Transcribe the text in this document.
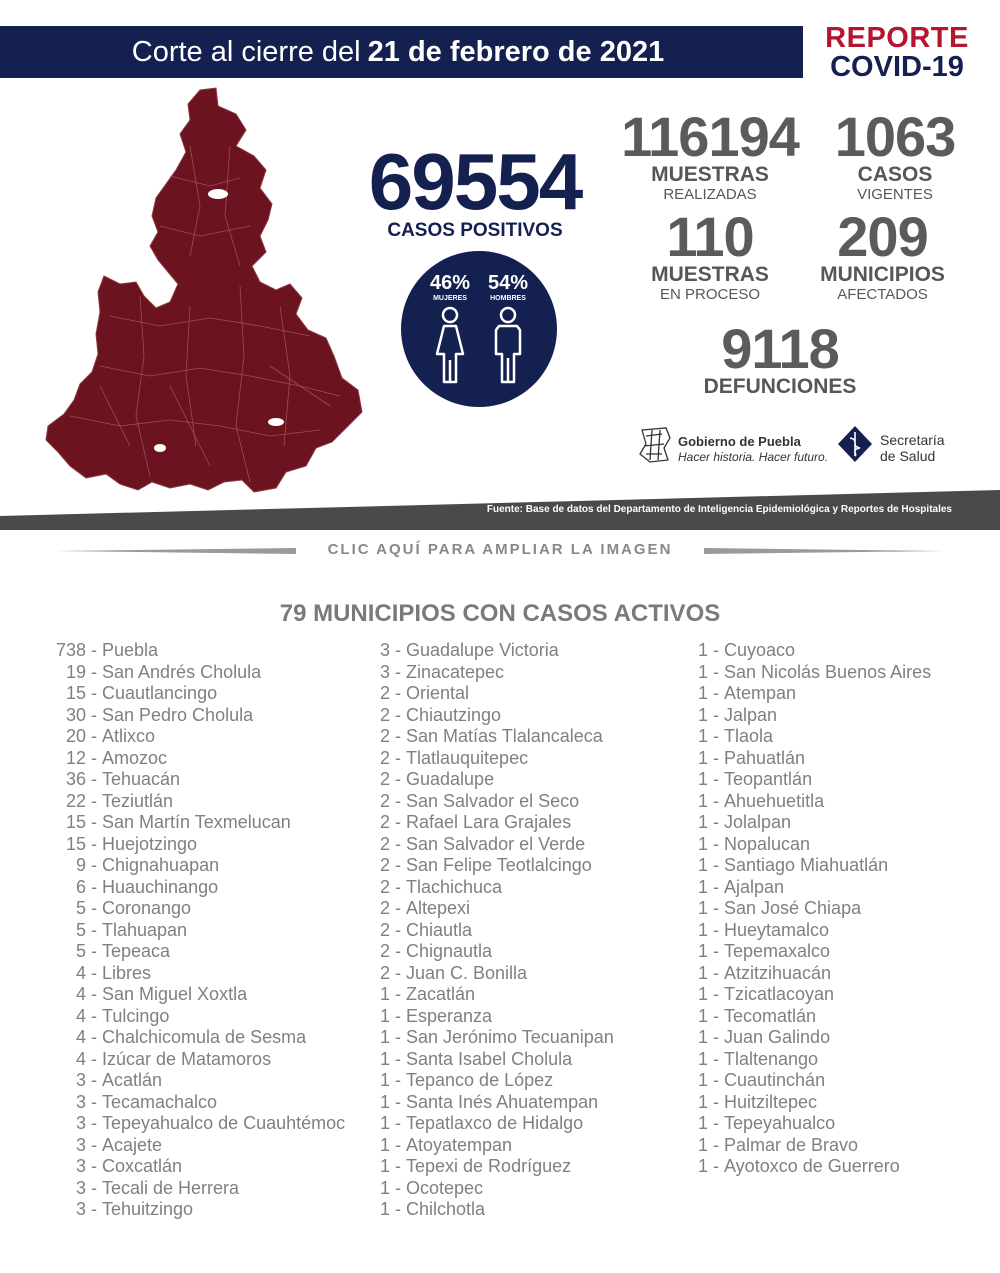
Corte al cierre del 21 de febrero de 2021	REPORTE
COVID-19
69554
CASOS POSITIVOS
46%
MUJERES
54%
HOMBRES
116194
MUESTRAS
REALIZADAS
1063
CASOS
VIGENTES
110
MUESTRAS
EN PROCESO
209
MUNICIPIOS
AFECTADOS
9118
DEFUNCIONES
Gobierno de Puebla
Hacer historia. Hacer futuro.
Secretaría
de Salud
Fuente: Base de datos del Departamento de Inteligencia Epidemiológica y Reportes de Hospitales
CLIC AQUÍ PARA AMPLIAR LA IMAGEN
79 MUNICIPIOS CON CASOS ACTIVOS
738 - Puebla
19 - San Andrés Cholula
15 - Cuautlancingo
30 - San Pedro Cholula
20 - Atlixco
12 - Amozoc
36 - Tehuacán
22 - Teziutlán
15 - San Martín Texmelucan
15 - Huejotzingo
9 - Chignahuapan
6 - Huauchinango
5 - Coronango
5 - Tlahuapan
5 - Tepeaca
4 - Libres
4 - San Miguel Xoxtla
4 - Tulcingo
4 - Chalchicomula de Sesma
4 - Izúcar de Matamoros
3 - Acatlán
3 - Tecamachalco
3 - Tepeyahualco de Cuauhtémoc
3 - Acajete
3 - Coxcatlán
3 - Tecali de Herrera
3 - Tehuitzingo
3 - Guadalupe Victoria
3 - Zinacatepec
2 - Oriental
2 - Chiautzingo
2 - San Matías Tlalancaleca
2 - Tlatlauquitepec
2 - Guadalupe
2 - San Salvador el Seco
2 - Rafael Lara Grajales
2 - San Salvador el Verde
2 - San Felipe Teotlalcingo
2 - Tlachichuca
2 - Altepexi
2 - Chiautla
2 - Chignautla
2 - Juan C. Bonilla
1 - Zacatlán
1 - Esperanza
1 - San Jerónimo Tecuanipan
1 - Santa Isabel Cholula
1 - Tepanco de López
1 - Santa Inés Ahuatempan
1 - Tepatlaxco de Hidalgo
1 - Atoyatempan
1 - Tepexi de Rodríguez
1 - Ocotepec
1 - Chilchotla
1 - Cuyoaco
1 - San Nicolás Buenos Aires
1 - Atempan
1 - Jalpan
1 - Tlaola
1 - Pahuatlán
1 - Teopantlán
1 - Ahuehuetitla
1 - Jolalpan
1 - Nopalucan
1 - Santiago Miahuatlán
1 - Ajalpan
1 - San José Chiapa
1 - Hueytamalco
1 - Tepemaxalco
1 - Atzitzihuacán
1 - Tzicatlacoyan
1 - Tecomatlán
1 - Juan Galindo
1 - Tlaltenango
1 - Cuautinchán
1 - Huitziltepec
1 - Tepeyahualco
1 - Palmar de Bravo
1 - Ayotoxco de Guerrero
